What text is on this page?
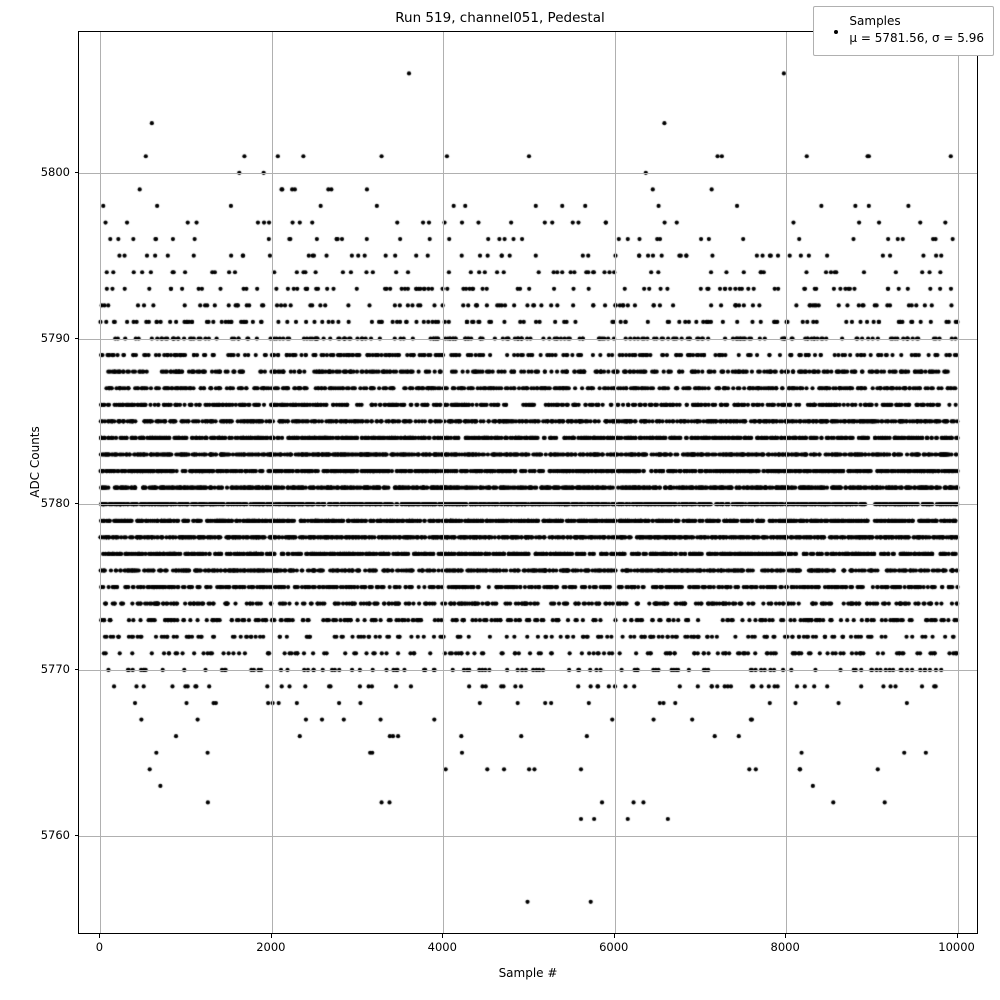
Run 519, channel051, Pedestal
0	2000	4000	6000	8000	10000
5760
5770
5780
5790
5800
Sample #
ADC Counts

Samples
μ = 5781.56, σ = 5.96
